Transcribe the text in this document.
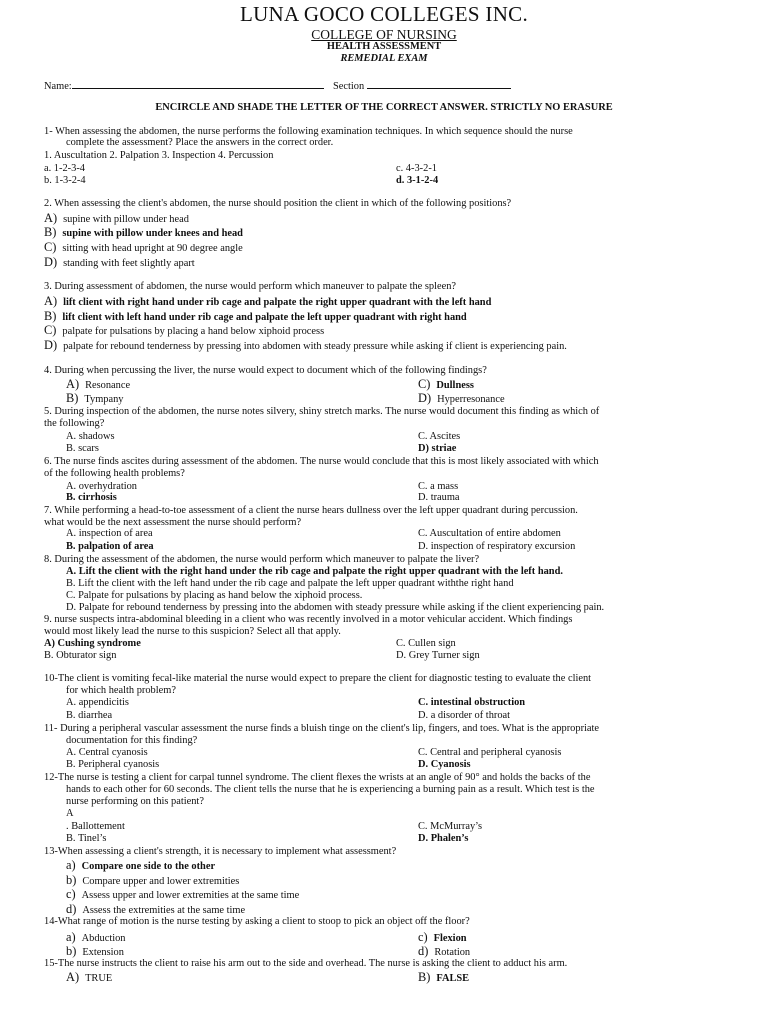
LUNA GOCO COLLEGES INC.
COLLEGE OF NURSING
HEALTH ASSESSMENT
REMEDIAL EXAM
Name:	Section
ENCIRCLE AND SHADE THE LETTER OF THE CORRECT ANSWER. STRICTLY NO ERASURE
1- When assessing the abdomen, the nurse performs the following examination techniques. In which sequence should the nurse
complete the assessment? Place the answers in the correct order.
1. Auscultation 2. Palpation 3. Inspection 4. Percussion
a. 1-2-3-4	c. 4-3-2-1
b. 1-3-2-4	d. 3-1-2-4
2. When assessing the client's abdomen, the nurse should position the client in which of the following positions?
A) supine with pillow under head
B) supine with pillow under knees and head
C) sitting with head upright at 90 degree angle
D) standing with feet slightly apart
3. During assessment of abdomen, the nurse would perform which maneuver to palpate the spleen?
A) lift client with right hand under rib cage and palpate the right upper quadrant with the left hand
B) lift client with left hand under rib cage and palpate the left upper quadrant with right hand
C) palpate for pulsations by placing a hand below xiphoid process
D) palpate for rebound tenderness by pressing into abdomen with steady pressure while asking if client is experiencing pain.
4. During when percussing the liver, the nurse would expect to document which of the following findings?
A) Resonance	C) Dullness
B) Tympany	D) Hyperresonance
5. During inspection of the abdomen, the nurse notes silvery, shiny stretch marks. The nurse would document this finding as which of
the following?
A. shadows	C. Ascites
B. scars	D) striae
6. The nurse finds ascites during assessment of the abdomen. The nurse would conclude that this is most likely associated with which
of the following health problems?
A. overhydration	C. a mass
B. cirrhosis	D. trauma
7. While performing a head-to-toe assessment of a client the nurse hears dullness over the left upper quadrant during percussion.
what would be the next assessment the nurse should perform?
A. inspection of area	C. Auscultation of entire abdomen
B. palpation of area	D. inspection of respiratory excursion
8. During the assessment of the abdomen, the nurse would perform which maneuver to palpate the liver?
A. Lift the client with the right hand under the rib cage and palpate the right upper quadrant with the left hand.
B. Lift the client with the left hand under the rib cage and palpate the left upper quadrant withthe right hand
C. Palpate for pulsations by placing as hand below the xiphoid process.
D. Palpate for rebound tenderness by pressing into the abdomen with steady pressure while asking if the client experiencing pain.
9. nurse suspects intra-abdominal bleeding in a client who was recently involved in a motor vehicular accident. Which findings
would most likely lead the nurse to this suspicion? Select all that apply.
A) Cushing syndrome	C. Cullen sign
B. Obturator sign	D. Grey Turner sign
10-The client is vomiting fecal-like material the nurse would expect to prepare the client for diagnostic testing to evaluate the client
for which health problem?
A. appendicitis	C. intestinal obstruction
B. diarrhea	D. a disorder of throat
11- During a peripheral vascular assessment the nurse finds a bluish tinge on the client's lip, fingers, and toes. What is the appropriate
documentation for this finding?
A. Central cyanosis	C. Central and peripheral cyanosis
B. Peripheral cyanosis	D. Cyanosis
12-The nurse is testing a client for carpal tunnel syndrome. The client flexes the wrists at an angle of 90° and holds the backs of the
hands to each other for 60 seconds. The client tells the nurse that he is experiencing a burning pain as a result. Which test is the
nurse performing on this patient?
A
. Ballottement	C. McMurray’s
B. Tinel’s	D. Phalen’s
13-When assessing a client's strength, it is necessary to implement what assessment?
a) Compare one side to the other
b) Compare upper and lower extremities
c) Assess upper and lower extremities at the same time
d) Assess the extremities at the same time
14-What range of motion is the nurse testing by asking a client to stoop to pick an object off the floor?
a) Abduction	c) Flexion
b) Extension	d) Rotation
15-The nurse instructs the client to raise his arm out to the side and overhead. The nurse is asking the client to adduct his arm.
A) TRUE	B) FALSE
